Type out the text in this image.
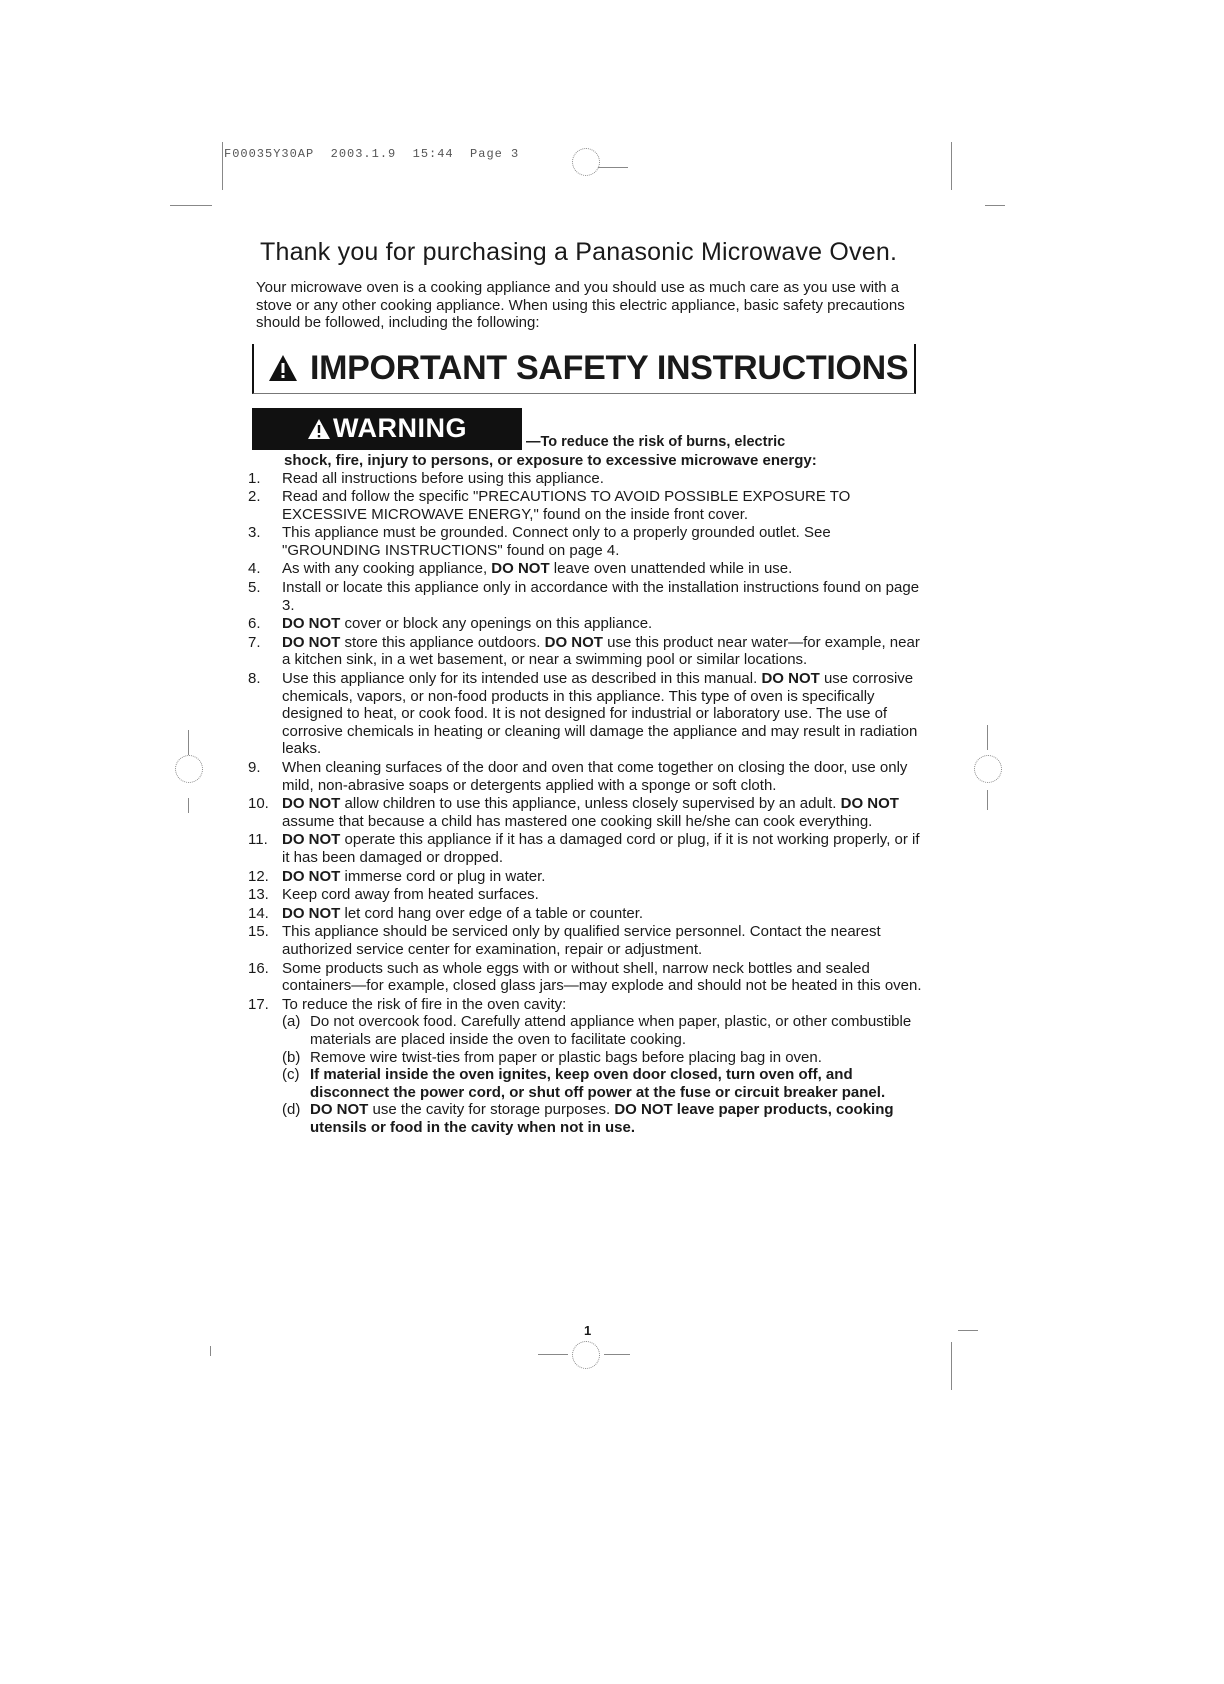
F00035Y30AP  2003.1.9  15:44  Page 3
Thank you for purchasing a Panasonic Microwave Oven.

Your microwave oven is a cooking appliance and you should use as much care as you use with a stove or any other cooking appliance. When using this electric appliance, basic safety precautions should be followed, including the following:

IMPORTANT SAFETY INSTRUCTIONS
WARNING	—To reduce the risk of burns, electric
shock, fire, injury to persons, or exposure to excessive microwave energy:
1.	Read all instructions before using this appliance.
2.	Read and follow the specific "PRECAUTIONS TO AVOID POSSIBLE EXPOSURE TO EXCESSIVE MICROWAVE ENERGY," found on the inside front cover.
3.	This appliance must be grounded. Connect only to a properly grounded outlet. See "GROUNDING INSTRUCTIONS" found on page 4.
4.	As with any cooking appliance, DO NOT leave oven unattended while in use.
5.	Install or locate this appliance only in accordance with the installation instructions found on page 3.
6.	DO NOT cover or block any openings on this appliance.
7.	DO NOT store this appliance outdoors. DO NOT use this product near water—for example, near a kitchen sink, in a wet basement, or near a swimming pool or similar locations.
8.	Use this appliance only for its intended use as described in this manual. DO NOT use corrosive chemicals, vapors, or non-food products in this appliance. This type of oven is specifically designed to heat, or cook food. It is not designed for industrial or laboratory use. The use of corrosive chemicals in heating or cleaning will damage the appliance and may result in radiation leaks.
9.	When cleaning surfaces of the door and oven that come together on closing the door, use only mild, non-abrasive soaps or detergents applied with a sponge or soft cloth.
10. DO NOT allow children to use this appliance, unless closely supervised by an adult. DO NOT assume that because a child has mastered one cooking skill he/she can cook everything.
11. DO NOT operate this appliance if it has a damaged cord or plug, if it is not working properly, or if it has been damaged or dropped.
12. DO NOT immerse cord or plug in water.
13. Keep cord away from heated surfaces.
14. DO NOT let cord hang over edge of a table or counter.
15. This appliance should be serviced only by qualified service personnel. Contact the nearest authorized service center for examination, repair or adjustment.
16. Some products such as whole eggs with or without shell, narrow neck bottles and sealed containers—for example, closed glass jars—may explode and should not be heated in this oven.
17. To reduce the risk of fire in the oven cavity:
(a) Do not overcook food. Carefully attend appliance when paper, plastic, or other combustible materials are placed inside the oven to facilitate cooking.
(b) Remove wire twist-ties from paper or plastic bags before placing bag in oven.
(c) If material inside the oven ignites, keep oven door closed, turn oven off, and disconnect the power cord, or shut off power at the fuse or circuit breaker panel.
(d) DO NOT use the cavity for storage purposes. DO NOT leave paper products, cooking utensils or food in the cavity when not in use.
1
